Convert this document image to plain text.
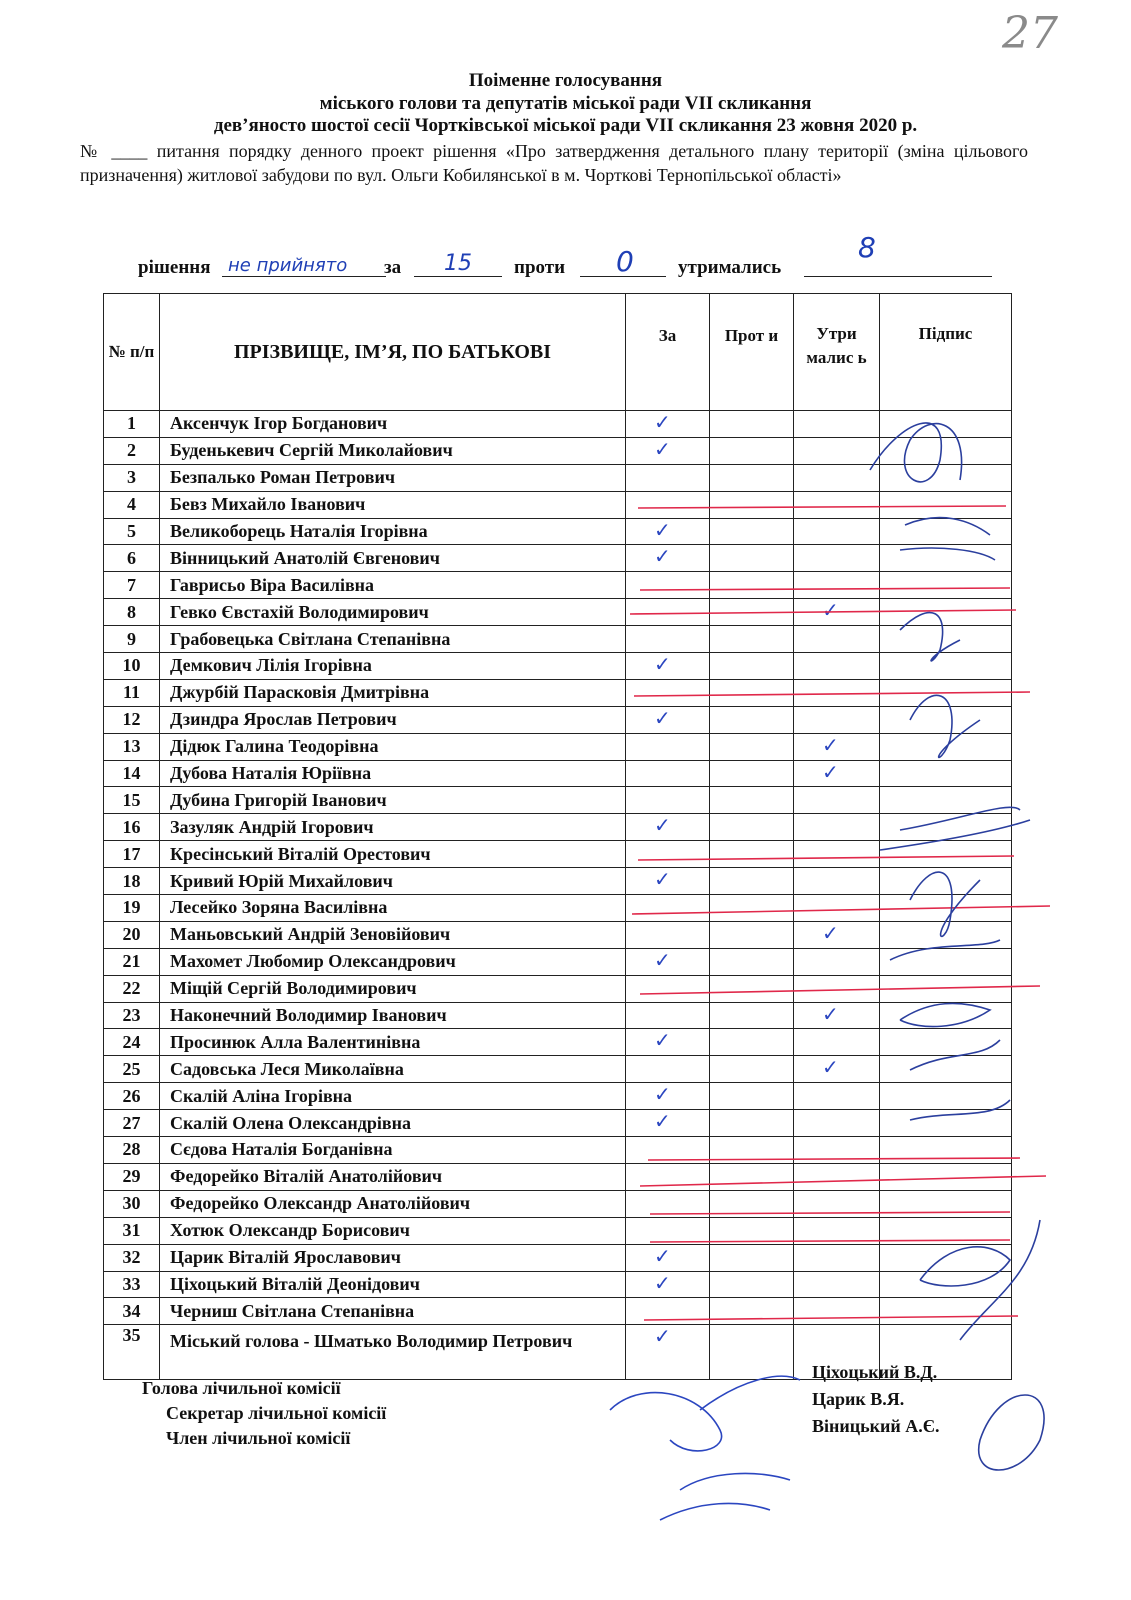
27
Поіменне голосування
міського голови та депутатів міської ради VІІ скликання
дев’яносто шостої сесії Чортківської міської ради VІІ скликання 23 жовня 2020 р.
№ ____ питання порядку денного проект рішення «Про затвердження детального плану території (зміна цільового призначення) житлової забудови по вул. Ольги Кобилянської в м. Чорткові Тернопільської області»
рішення не прийнято за 15 проти 0 утримались
8
№ п/п	ПРІЗВИЩЕ, ІМ’Я, ПО БАТЬКОВІ	За	Прот и	Утри малис ь	Підпис
1	Аксенчук Ігор Богданович	✓			

2	Буденькевич Сергій Миколайович	✓			

3	Безпалько Роман Петрович				
4	Бевз Михайло Іванович				
5	Великоборець Наталія Ігорівна	✓			

6	Вінницький Анатолій Євгенович	✓			

7	Гаврисьо Віра Василівна				
8	Гевко Євстахій Володимирович			✓	

9	Грабовецька Світлана Степанівна				
10	Демкович Лілія Ігорівна	✓			

11	Джурбій Парасковія Дмитрівна				
12	Дзиндра Ярослав Петрович	✓			

13	Дідюк Галина Теодорівна			✓	

14	Дубова Наталія Юріївна			✓	

15	Дубина Григорій Іванович				
16	Зазуляк Андрій Ігорович	✓			

17	Кресінський Віталій Орестович				
18	Кривий Юрій Михайлович	✓			

19	Лесейко Зоряна Василівна				
20	Маньовський Андрій Зеновійович			✓	

21	Махомет Любомир Олександрович	✓			

22	Міщій Сергій Володимирович				
23	Наконечний Володимир Іванович			✓	

24	Просинюк Алла Валентинівна	✓			

25	Садовська Леся Миколаївна			✓	

26	Скалій Аліна Ігорівна	✓			

27	Скалій Олена Олександрівна	✓			

28	Сєдова Наталія Богданівна				
29	Федорейко Віталій Анатолійович				
30	Федорейко Олександр Анатолійович				
31	Хотюк Олександр Борисович				
32	Царик Віталій Ярославович	✓			

33	Ціхоцький Віталій Деонідович	✓			

34	Черниш Світлана Степанівна				
35	Міський голова - Шматько Володимир Петрович	✓			

Голова лічильної комісії
Секретар лічильної комісії
Член лічильної комісії
Ціхоцький В.Д.
Царик В.Я.
Віницький А.Є.
